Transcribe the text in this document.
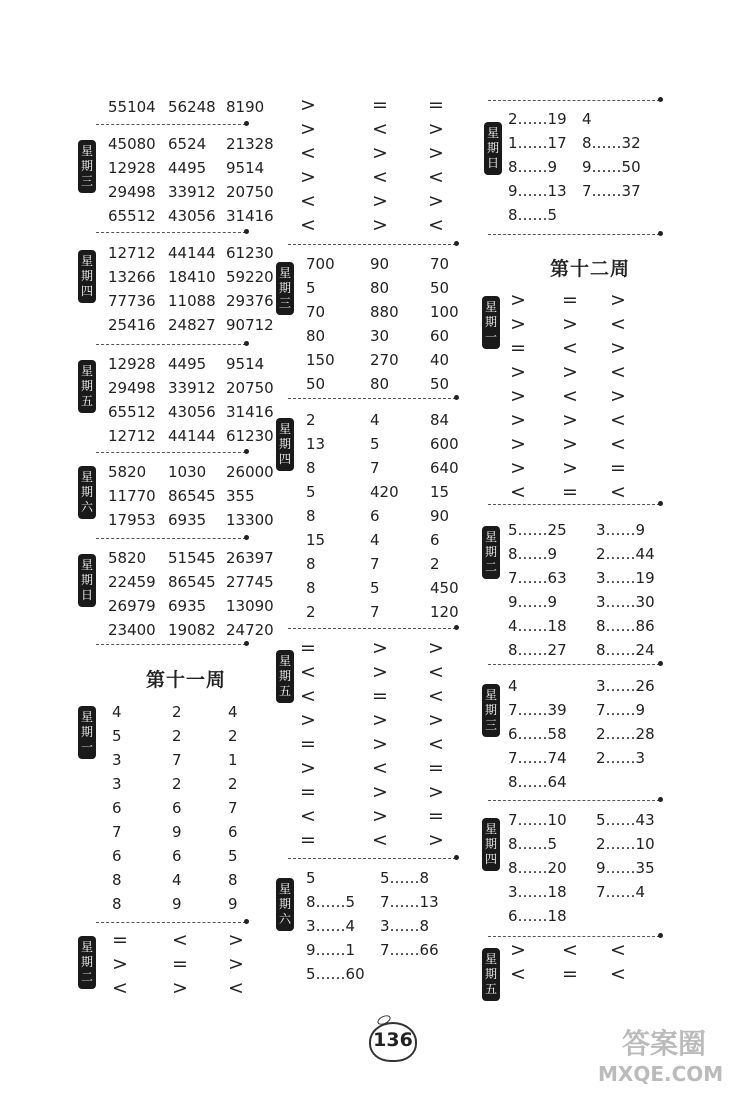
55104 56248 8190
45080 6524 21328
12928 4495 9514
29498 33912 20750
65512 43056 31416
星
期
三
12712 44144 61230
13266 18410 59220
77736 11088 29376
25416 24827 90712
星
期
四
12928 4495 9514
29498 33912 20750
65512 43056 31416
12712 44144 61230
星
期
五
5820 1030 26000
11770 86545 355
17953 6935 13300
星
期
六
5820 51545 26397
22459 86545 27745
26979 6935 13090
23400 19082 24720
星
期
日
第十一周
4	2	4
5	2	2
3	7	1
3	2	2
6	6	7
7	9	6
6	6	5
8	4	8
8	9	9
星
期
一
= < >
> = >
< > <
星
期
二
>	= =
>	< >
<	> >
>	< <
<	> >
<	> <
700 90	70
5	80	50
70	880 100
80	30	60
150 270 40
50	80	50
星
期
三
2	4	84
13	5	600
8	7	640
5	420 15
8	6	90
15	4	6
8	7	2
8	5	450
2	7	120
星
期
四
=	> >
<	> <
<	= <
>	> >
=	> <
>	< =
=	> >
<	> =
=	< >
星
期
五
5	5……8
8……5 7……13
3……4 3……8
9……1 7……66
5……60
星
期
六
2……19 4
1……17 8……32
8……9 9……50
9……13 7……37
8……5
星
期
日
第十二周
> = >
> > <
= < >
> > <
> < >
> > <
> > <
> > =
< = <
星
期
一
5……25 3……9
8……9	2……44
7……63 3……19
9……9	3……30
4……18 8……86
8……27 8……24
星
期
二
4	3……26
7……39 7……9
6……58 2……28
7……74 2……3
8……64
星
期
三
7……10 5……43
8……5	2……10
8……20 9……35
3……18 7……4
6……18
星
期
四
> < <
< = <
星
期
五
136	答案圈
MXQE.COM
